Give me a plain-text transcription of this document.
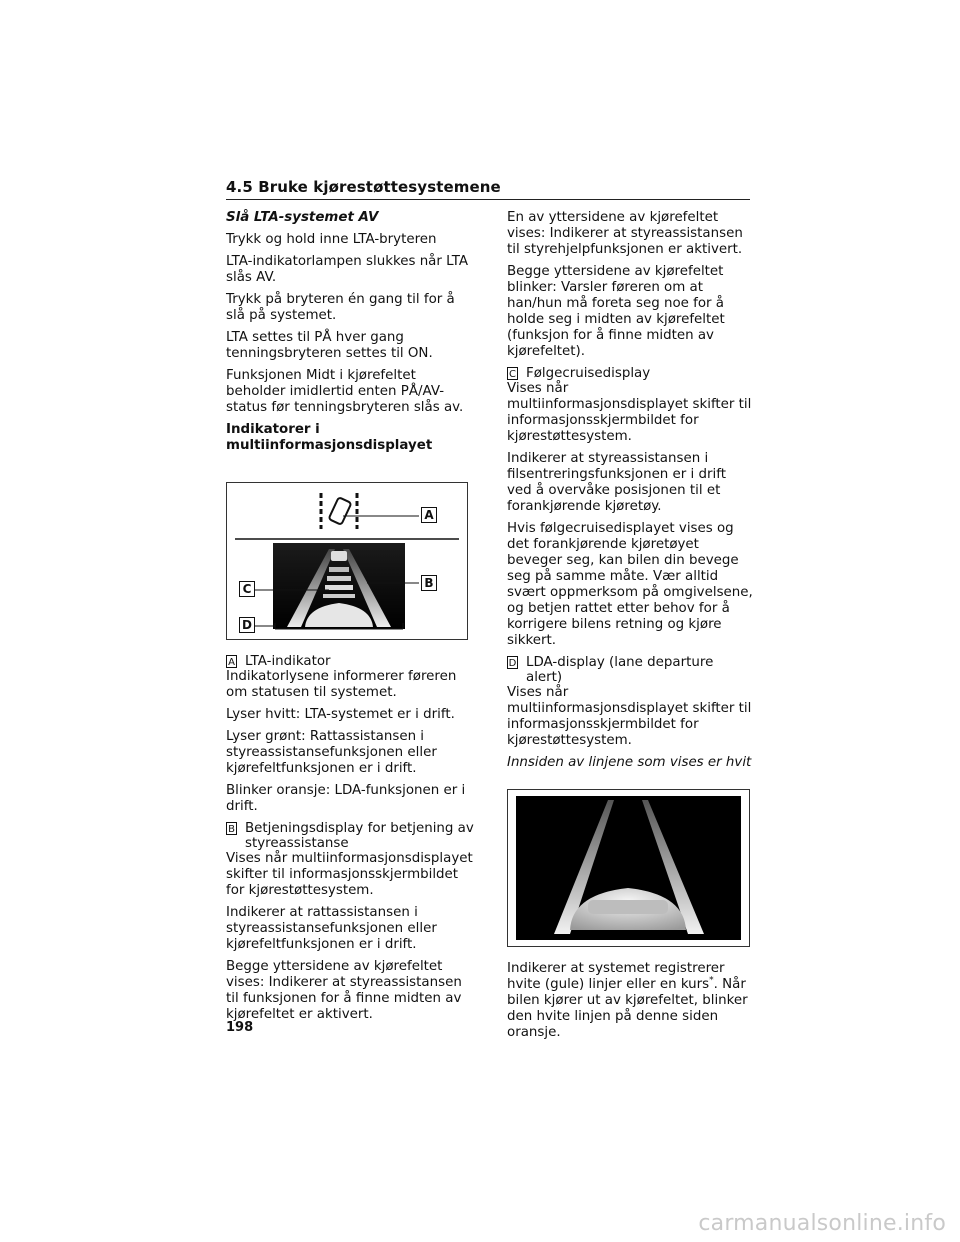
4.5 Bruke kjørestøttesystemene

Slå LTA-systemet AV

Trykk og hold inne LTA-bryteren

LTA-indikatorlampen slukkes når LTA slås AV.

Trykk på bryteren én gang til for å slå på systemet.

LTA settes til PÅ hver gang tenningsbryteren settes til ON.

Funksjonen Midt i kjørefeltet beholder imidlertid enten PÅ/AV-status før tenningsbryteren slås av.

Indikatorer i multiinformasjonsdisplayet

A
B
C
D
A LTA-indikator

Indikatorlysene informerer føreren om statusen til systemet.

Lyser hvitt: LTA-systemet er i drift.

Lyser grønt: Rattassistansen i styreassistansefunksjonen eller kjørefeltfunksjonen er i drift.

Blinker oransje: LDA-funksjonen er i drift.

B Betjeningsdisplay for betjening av styreassistanse

Vises når multiinformasjonsdisplayet skifter til informasjonsskjermbildet for kjørestøttesystem.

Indikerer at rattassistansen i styreassistansefunksjonen eller kjørefeltfunksjonen er i drift.

Begge yttersidene av kjørefeltet vises: Indikerer at styreassistansen til funksjonen for å finne midten av kjørefeltet er aktivert.

En av yttersidene av kjørefeltet vises: Indikerer at styreassistansen til styrehjelpfunksjonen er aktivert.

Begge yttersidene av kjørefeltet blinker: Varsler føreren om at han/hun må foreta seg noe for å holde seg i midten av kjørefeltet (funksjon for å finne midten av kjørefeltet).

C Følgecruisedisplay

Vises når multiinformasjonsdisplayet skifter til informasjonsskjermbildet for kjørestøttesystem.

Indikerer at styreassistansen i filsentreringsfunksjonen er i drift ved å overvåke posisjonen til et forankjørende kjøretøy.

Hvis følgecruisedisplayet vises og det forankjørende kjøretøyet beveger seg, kan bilen din bevege seg på samme måte. Vær alltid svært oppmerksom på omgivelsene, og betjen rattet etter behov for å korrigere bilens retning og kjøre sikkert.

D LDA-display (lane departure alert)

Vises når multiinformasjonsdisplayet skifter til informasjonsskjermbildet for kjørestøttesystem.

Innsiden av linjene som vises er hvit

Indikerer at systemet registrerer hvite (gule) linjer eller en kurs*. Når bilen kjører ut av kjørefeltet, blinker den hvite linjen på denne siden oransje.

198
carmanualsonline.info
